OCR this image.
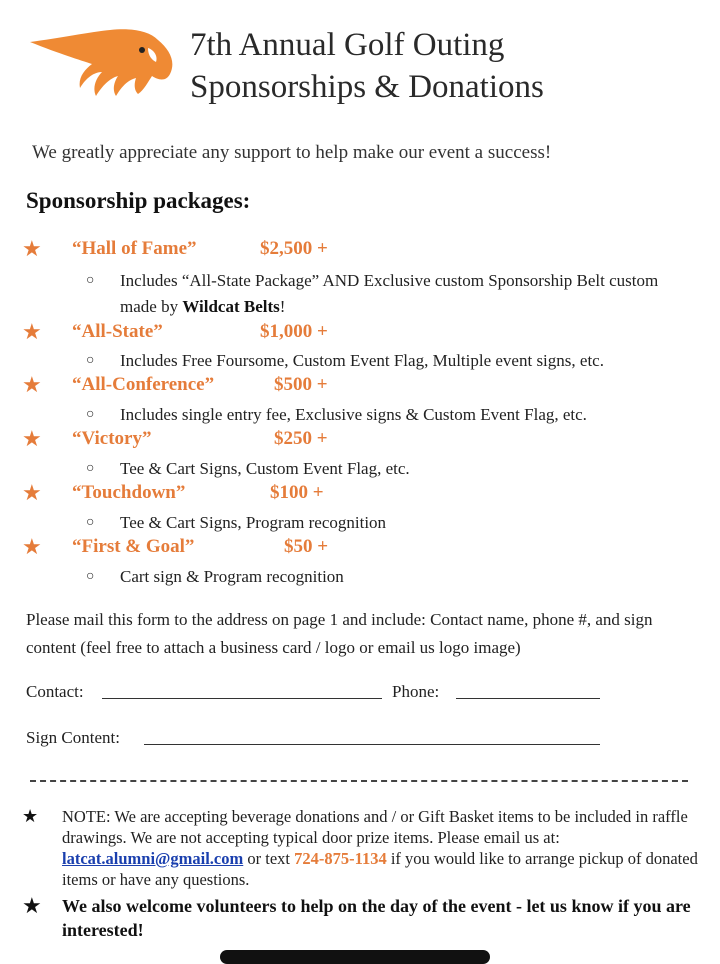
7th Annual Golf Outing
Sponsorships & Donations
We greatly appreciate any support to help make our event a success!
Sponsorship packages:
★ “Hall of Fame”	$2,500 +
○ Includes “All-State Package” AND Exclusive custom Sponsorship Belt custom made by Wildcat Belts!
★ “All-State”	$1,000 +
○ Includes Free Foursome, Custom Event Flag, Multiple event signs, etc.
★ “All-Conference”	$500 +
○ Includes single entry fee, Exclusive signs & Custom Event Flag, etc.
★ “Victory”	$250 +
○ Tee & Cart Signs, Custom Event Flag, etc.
★ “Touchdown”	$100 +
○ Tee & Cart Signs, Program recognition
★ “First & Goal”	$50 +
○ Cart sign & Program recognition
Please mail this form to the address on page 1 and include: Contact name, phone #, and sign content (feel free to attach a business card / logo or email us logo image)
Contact:	Phone:
Sign Content:
★ NOTE: We are accepting beverage donations and / or Gift Basket items to be included in raffle drawings. We are not accepting typical door prize items. Please email us at: latcat.alumni@gmail.com or text 724-875-1134 if you would like to arrange pickup of donated items or have any questions.
★ We also welcome volunteers to help on the day of the event - let us know if you are interested!
